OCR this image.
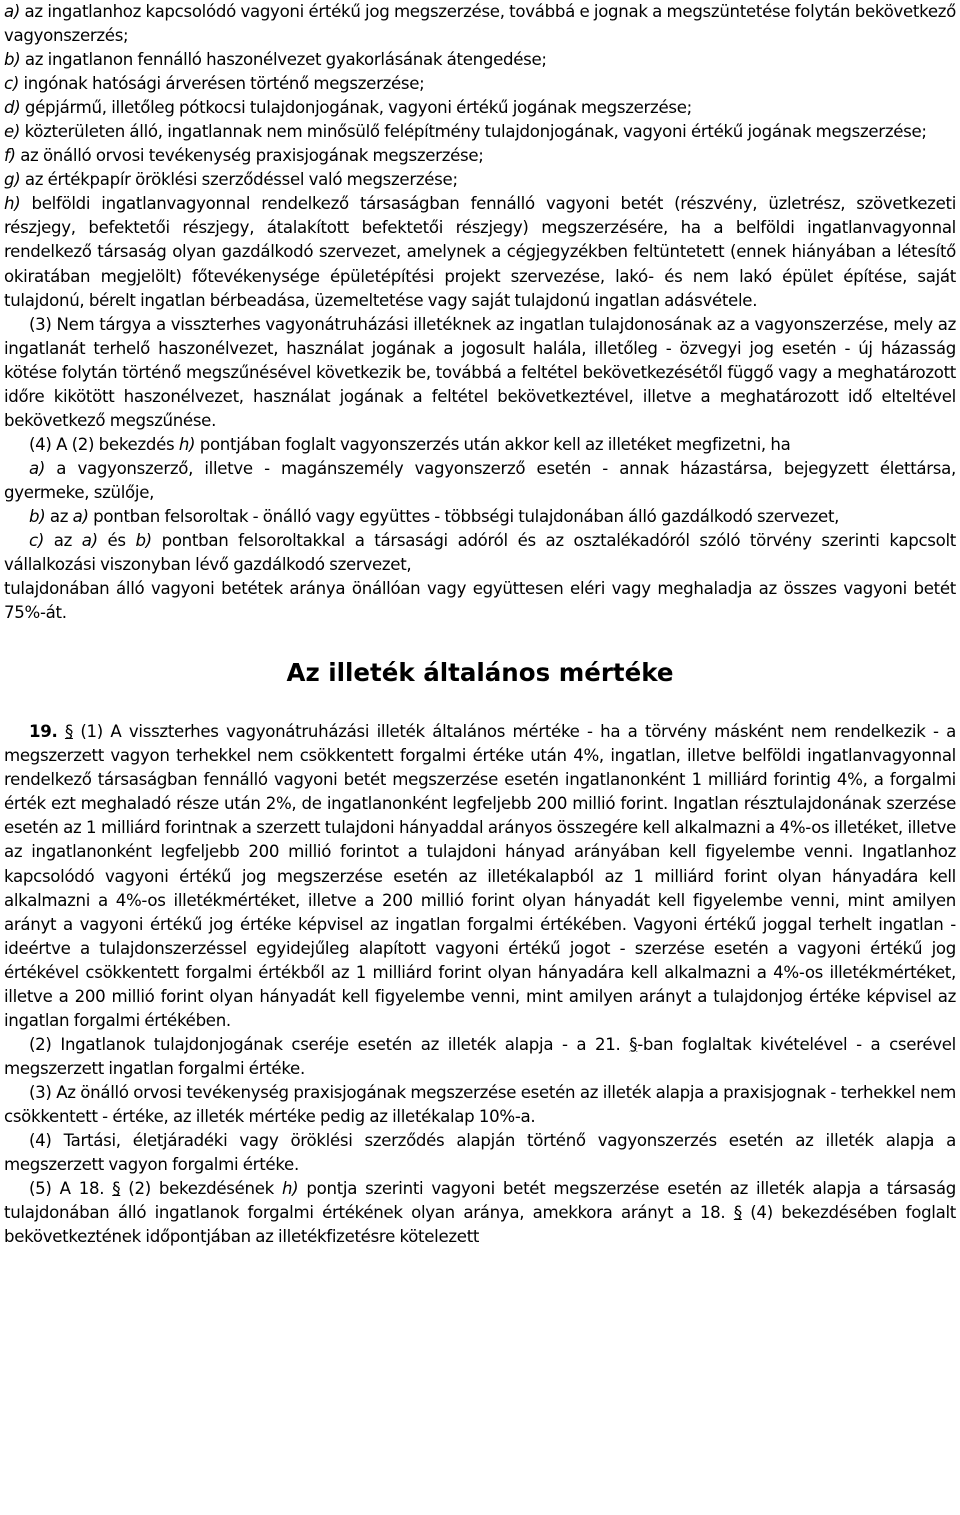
a) az ingatlanhoz kapcsolódó vagyoni értékű jog megszerzése, továbbá e jognak a megszüntetése folytán bekövetkező vagyonszerzés;

b) az ingatlanon fennálló haszonélvezet gyakorlásának átengedése;

c) ingónak hatósági árverésen történő megszerzése;

d) gépjármű, illetőleg pótkocsi tulajdonjogának, vagyoni értékű jogának megszerzése;

e) közterületen álló, ingatlannak nem minősülő felépítmény tulajdonjogának, vagyoni értékű jogának megszerzése;

f) az önálló orvosi tevékenység praxisjogának megszerzése;

g) az értékpapír öröklési szerződéssel való megszerzése;

h) belföldi ingatlanvagyonnal rendelkező társaságban fennálló vagyoni betét (részvény, üzletrész, szövetkezeti részjegy, befektetői részjegy, átalakított befektetői részjegy) megszerzésére, ha a belföldi ingatlanvagyonnal rendelkező társaság olyan gazdálkodó szervezet, amelynek a cégjegyzékben feltüntetett (ennek hiányában a létesítő okiratában megjelölt) főtevékenysége épületépítési projekt szervezése, lakó- és nem lakó épület építése, saját tulajdonú, bérelt ingatlan bérbeadása, üzemeltetése vagy saját tulajdonú ingatlan adásvétele.

(3) Nem tárgya a visszterhes vagyonátruházási illetéknek az ingatlan tulajdonosának az a vagyonszerzése, mely az ingatlanát terhelő haszonélvezet, használat jogának a jogosult halála, illetőleg - özvegyi jog esetén - új házasság kötése folytán történő megszűnésével következik be, továbbá a feltétel bekövetkezésétől függő vagy a meghatározott időre kikötött haszonélvezet, használat jogának a feltétel bekövetkeztével, illetve a meghatározott idő elteltével bekövetkező megszűnése.

(4) A (2) bekezdés h) pontjában foglalt vagyonszerzés után akkor kell az illetéket megfizetni, ha

a) a vagyonszerző, illetve - magánszemély vagyonszerző esetén - annak házastársa, bejegyzett élettársa, gyermeke, szülője,

b) az a) pontban felsoroltak - önálló vagy együttes - többségi tulajdonában álló gazdálkodó szervezet,

c) az a) és b) pontban felsoroltakkal a társasági adóról és az osztalékadóról szóló törvény szerinti kapcsolt vállalkozási viszonyban lévő gazdálkodó szervezet,

tulajdonában álló vagyoni betétek aránya önállóan vagy együttesen eléri vagy meghaladja az összes vagyoni betét 75%-át.

Az illeték általános mértéke

19. § (1) A visszterhes vagyonátruházási illeték általános mértéke - ha a törvény másként nem rendelkezik - a megszerzett vagyon terhekkel nem csökkentett forgalmi értéke után 4%, ingatlan, illetve belföldi ingatlanvagyonnal rendelkező társaságban fennálló vagyoni betét megszerzése esetén ingatlanonként 1 milliárd forintig 4%, a forgalmi érték ezt meghaladó része után 2%, de ingatlanonként legfeljebb 200 millió forint. Ingatlan résztulajdonának szerzése esetén az 1 milliárd forintnak a szerzett tulajdoni hányaddal arányos összegére kell alkalmazni a 4%-os illetéket, illetve az ingatlanonként legfeljebb 200 millió forintot a tulajdoni hányad arányában kell figyelembe venni. Ingatlanhoz kapcsolódó vagyoni értékű jog megszerzése esetén az illetékalapból az 1 milliárd forint olyan hányadára kell alkalmazni a 4%-os illetékmértéket, illetve a 200 millió forint olyan hányadát kell figyelembe venni, mint amilyen arányt a vagyoni értékű jog értéke képvisel az ingatlan forgalmi értékében. Vagyoni értékű joggal terhelt ingatlan - ideértve a tulajdonszerzéssel egyidejűleg alapított vagyoni értékű jogot - szerzése esetén a vagyoni értékű jog értékével csökkentett forgalmi értékből az 1 milliárd forint olyan hányadára kell alkalmazni a 4%-os illetékmértéket, illetve a 200 millió forint olyan hányadát kell figyelembe venni, mint amilyen arányt a tulajdonjog értéke képvisel az ingatlan forgalmi értékében.

(2) Ingatlanok tulajdonjogának cseréje esetén az illeték alapja - a 21. §-ban foglaltak kivételével - a cserével megszerzett ingatlan forgalmi értéke.

(3) Az önálló orvosi tevékenység praxisjogának megszerzése esetén az illeték alapja a praxisjognak - terhekkel nem csökkentett - értéke, az illeték mértéke pedig az illetékalap 10%-a.

(4) Tartási, életjáradéki vagy öröklési szerződés alapján történő vagyonszerzés esetén az illeték alapja a megszerzett vagyon forgalmi értéke.

(5) A 18. § (2) bekezdésének h) pontja szerinti vagyoni betét megszerzése esetén az illeték alapja a társaság tulajdonában álló ingatlanok forgalmi értékének olyan aránya, amekkora arányt a 18. § (4) bekezdésében foglalt bekövetkeztének időpontjában az illetékfizetésre kötelezett
